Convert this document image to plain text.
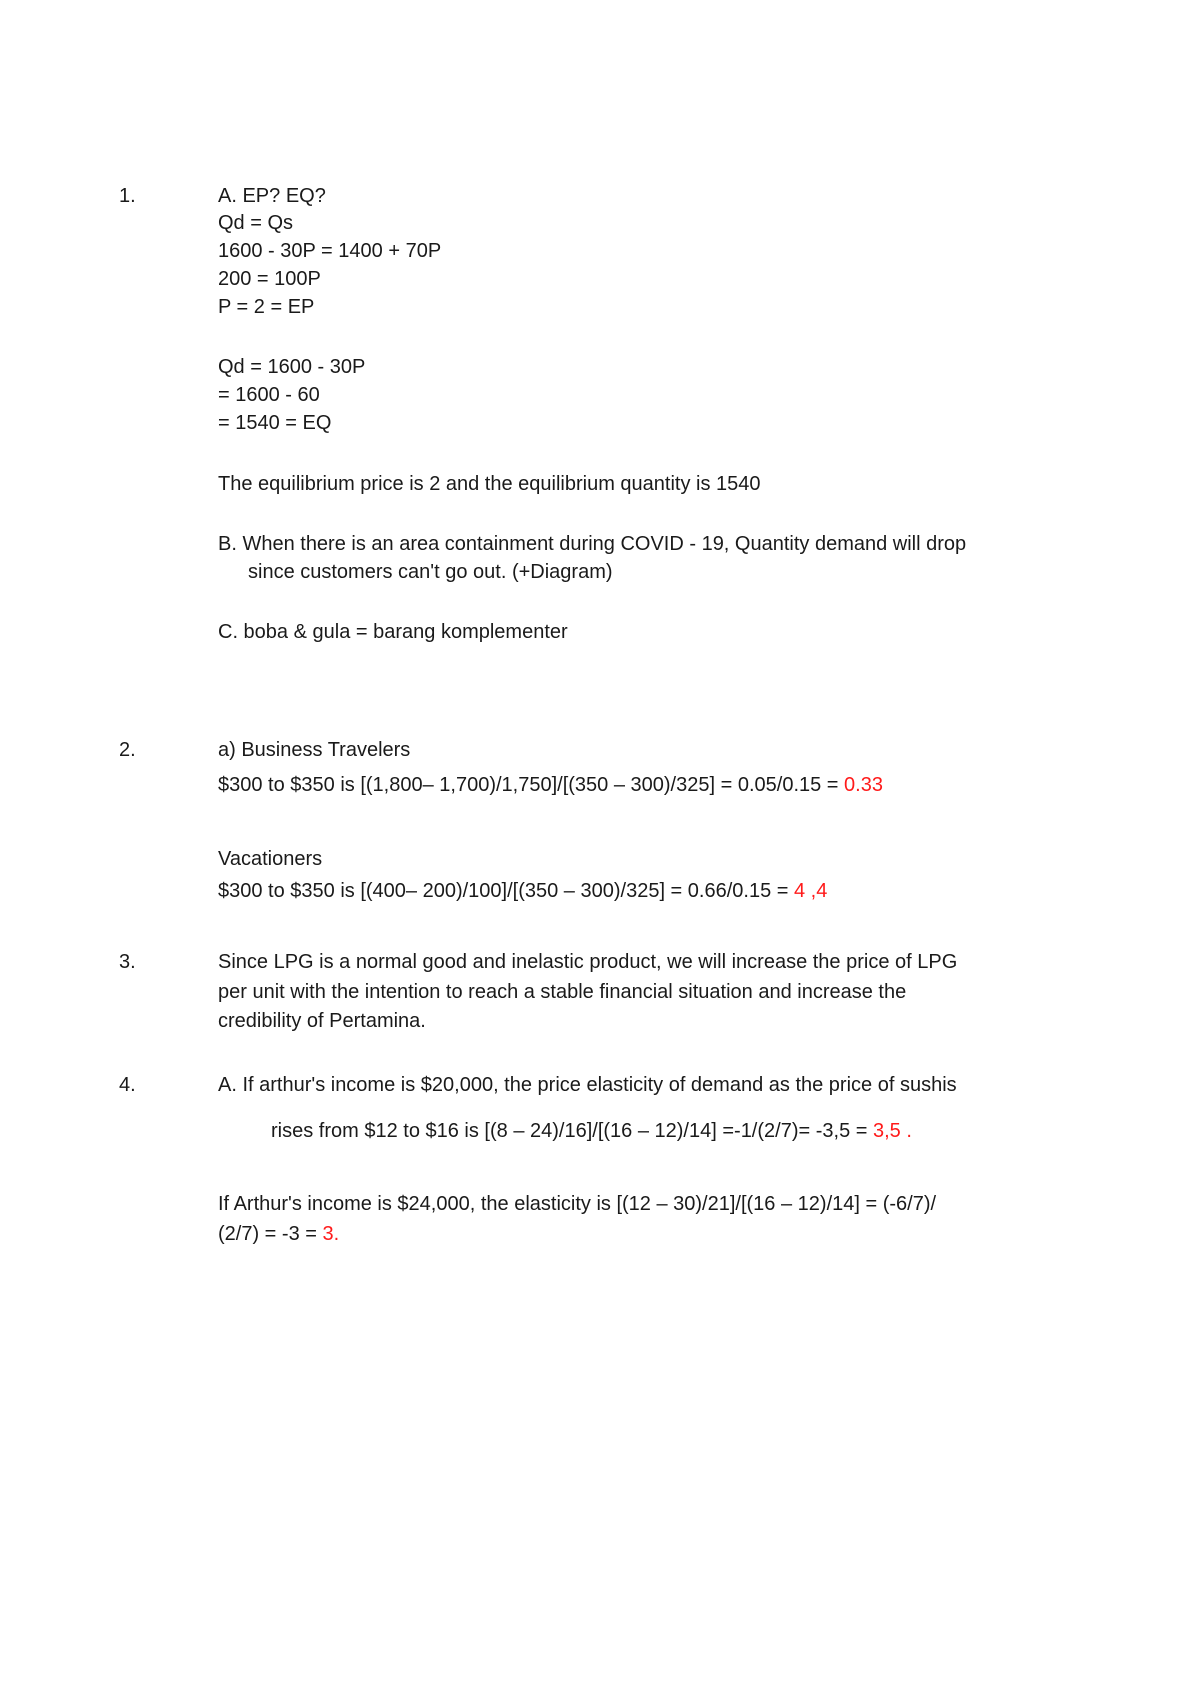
1.	A. EP? EQ?
Qd = Qs
1600 - 30P = 1400 + 70P
200 = 100P
P = 2 = EP
Qd = 1600 - 30P
= 1600 - 60
= 1540 = EQ
The equilibrium price is 2 and the equilibrium quantity is 1540
B. When there is an area containment during COVID - 19, Quantity demand will drop
since customers can't go out. (+Diagram)
C. boba & gula = barang komplementer
2.	a) Business Travelers
$300 to $350 is [(1,800– 1,700)/1,750]/[(350 – 300)/325] = 0.05/0.15 = 0.33
Vacationers
$300 to $350 is [(400– 200)/100]/[(350 – 300)/325] = 0.66/0.15 = 4 ,4
3.	Since LPG is a normal good and inelastic product, we will increase the price of LPG
per unit with the intention to reach a stable financial situation and increase the
credibility of Pertamina.
4.	A. If arthur's income is $20,000, the price elasticity of demand as the price of sushis
rises from $12 to $16 is [(8 – 24)/16]/[(16 – 12)/14] =-1/(2/7)= -3,5 = 3,5 .
If Arthur's income is $24,000, the elasticity is [(12 – 30)/21]/[(16 – 12)/14] = (-6/7)/
(2/7) = -3 = 3.
